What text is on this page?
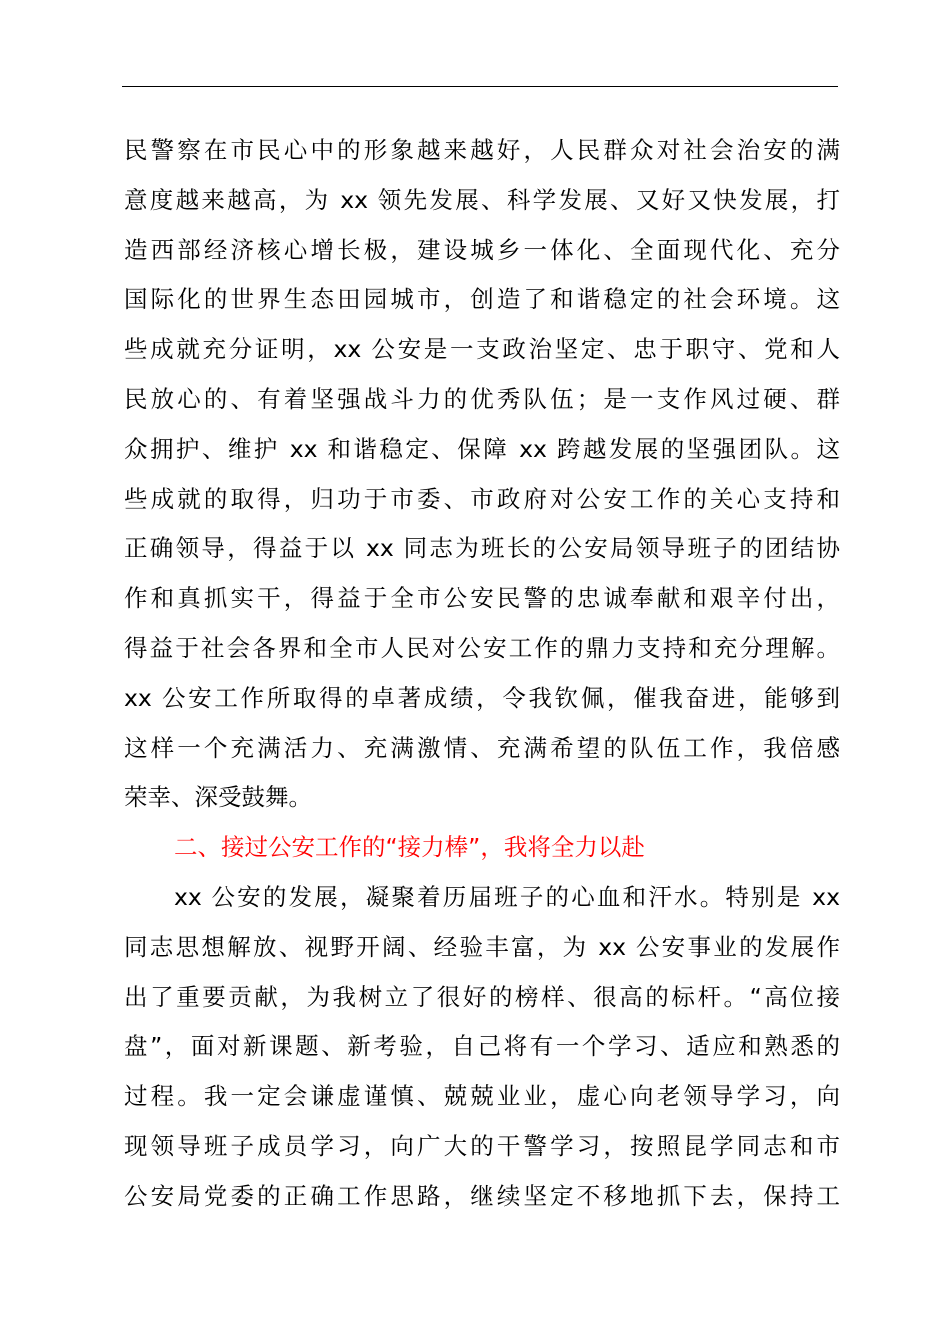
民警察在市民心中的形象越来越好，人民群众对社会治安的满
意度越来越高，为 xx 领先发展、科学发展、又好又快发展，打
造西部经济核心增长极，建设城乡一体化、全面现代化、充分
国际化的世界生态田园城市，创造了和谐稳定的社会环境。这
些成就充分证明，xx 公安是一支政治坚定、忠于职守、党和人
民放心的、有着坚强战斗力的优秀队伍；是一支作风过硬、群
众拥护、维护 xx 和谐稳定、保障 xx 跨越发展的坚强团队。这
些成就的取得，归功于市委、市政府对公安工作的关心支持和
正确领导，得益于以 xx 同志为班长的公安局领导班子的团结协
作和真抓实干，得益于全市公安民警的忠诚奉献和艰辛付出，
得益于社会各界和全市人民对公安工作的鼎力支持和充分理解。
xx 公安工作所取得的卓著成绩，令我钦佩，催我奋进，能够到
这样一个充满活力、充满激情、充满希望的队伍工作，我倍感
荣幸、深受鼓舞。
二、接过公安工作的“接力棒”，我将全力以赴
xx 公安的发展，凝聚着历届班子的心血和汗水。特别是 xx
同志思想解放、视野开阔、经验丰富，为 xx 公安事业的发展作
出了重要贡献，为我树立了很好的榜样、很高的标杆。“高位接
盘”，面对新课题、新考验，自己将有一个学习、适应和熟悉的
过程。我一定会谦虚谨慎、兢兢业业，虚心向老领导学习，向
现领导班子成员学习，向广大的干警学习，按照昆学同志和市
公安局党委的正确工作思路，继续坚定不移地抓下去，保持工
